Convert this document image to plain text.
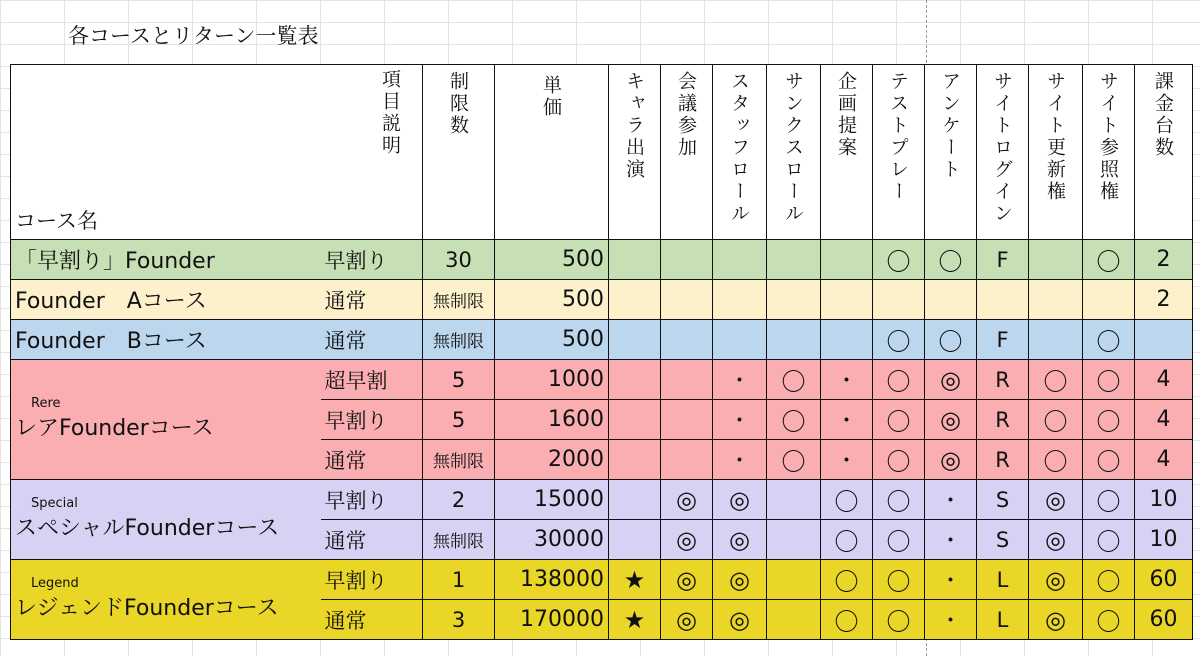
各コースとリターン一覧表
コース名	項目説明	制限数	単価	キャラ出演	会議参加	スタッフロール	サンクスロール	企画提案	テストプレー	アンケート	サイトログイン	サイト更新権	サイト参照権	課金台数

「早割り」Founder	早割り	30	500						〇	〇	F		〇	2
Founder　Aコース	通常	無制限	500											2
Founder　Bコース	通常	無制限	500						〇	〇	F		〇	

Rere
レアFounderコース	超早割	5	1000			・	〇	・	〇	◎	R	〇	〇	4
	早割り	5	1600			・	〇	・	〇	◎	R	〇	〇	4
	通常	無制限	2000			・	〇	・	〇	◎	R	〇	〇	4

Special
スペシャルFounderコース	早割り	2	15000		◎	◎		〇	〇	・	S	◎	〇	10
	通常	無制限	30000		◎	◎		〇	〇	・	S	◎	〇	10

Legend
レジェンドFounderコース	早割り	1	138000	★	◎	◎		〇	〇	・	L	◎	〇	60
	通常	3	170000	★	◎	◎		〇	〇	・	L	◎	〇	60
